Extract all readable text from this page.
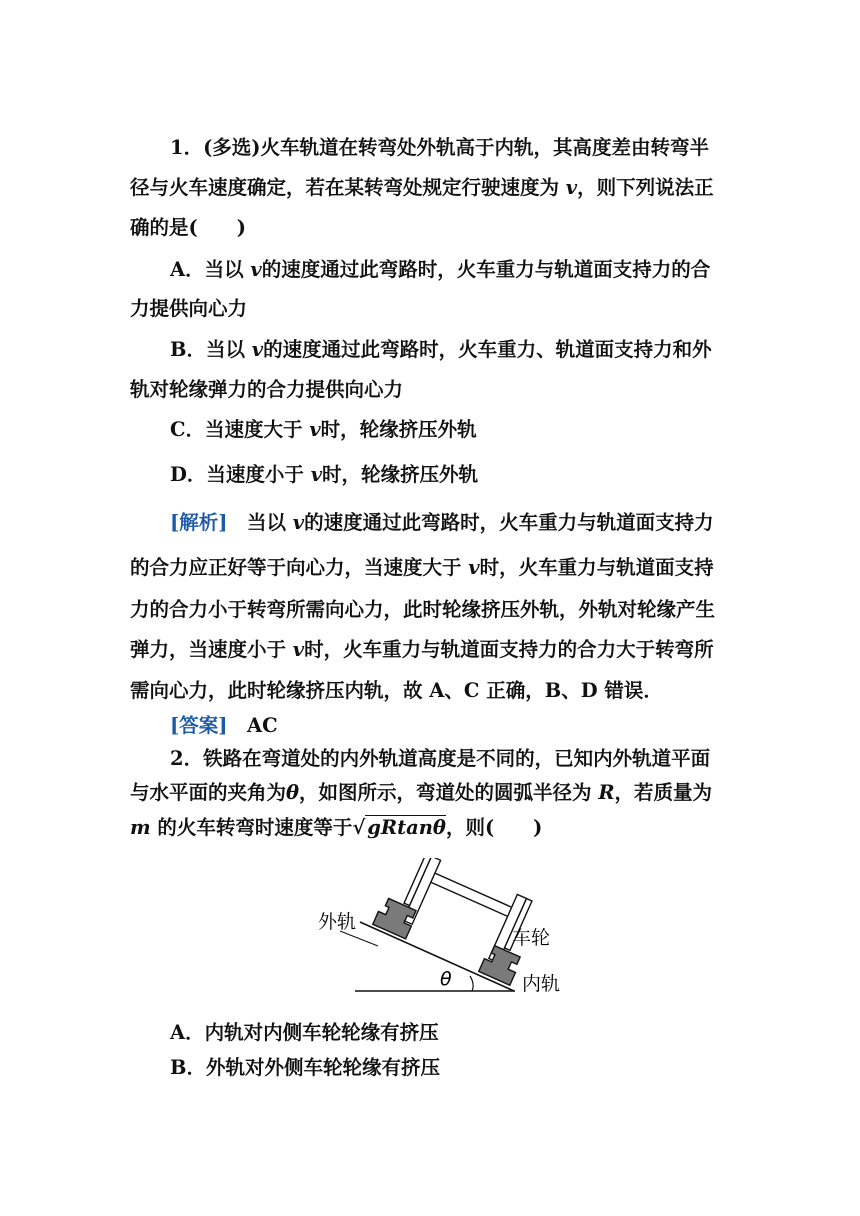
1．(多选)火车轨道在转弯处外轨高于内轨，其高度差由转弯半
径与火车速度确定，若在某转弯处规定行驶速度为 v，则下列说法正
确的是(　　)
A．当以 v的速度通过此弯路时，火车重力与轨道面支持力的合
力提供向心力
B．当以 v的速度通过此弯路时，火车重力、轨道面支持力和外
轨对轮缘弹力的合力提供向心力
C．当速度大于 v时，轮缘挤压外轨
D．当速度小于 v时，轮缘挤压外轨
[解析]　当以 v的速度通过此弯路时，火车重力与轨道面支持力
的合力应正好等于向心力，当速度大于 v时，火车重力与轨道面支持
力的合力小于转弯所需向心力，此时轮缘挤压外轨，外轨对轮缘产生
弹力，当速度小于 v时，火车重力与轨道面支持力的合力大于转弯所
需向心力，此时轮缘挤压内轨，故 A、C 正确，B、D 错误．
[答案]　AC
2．铁路在弯道处的内外轨道高度是不同的，已知内外轨道平面
与水平面的夹角为θ，如图所示，弯道处的圆弧半径为 R，若质量为
m 的火车转弯时速度等于√ gRtanθ，则(　　)
外轨
车轮
内轨
θ
A．内轨对内侧车轮轮缘有挤压
B．外轨对外侧车轮轮缘有挤压
